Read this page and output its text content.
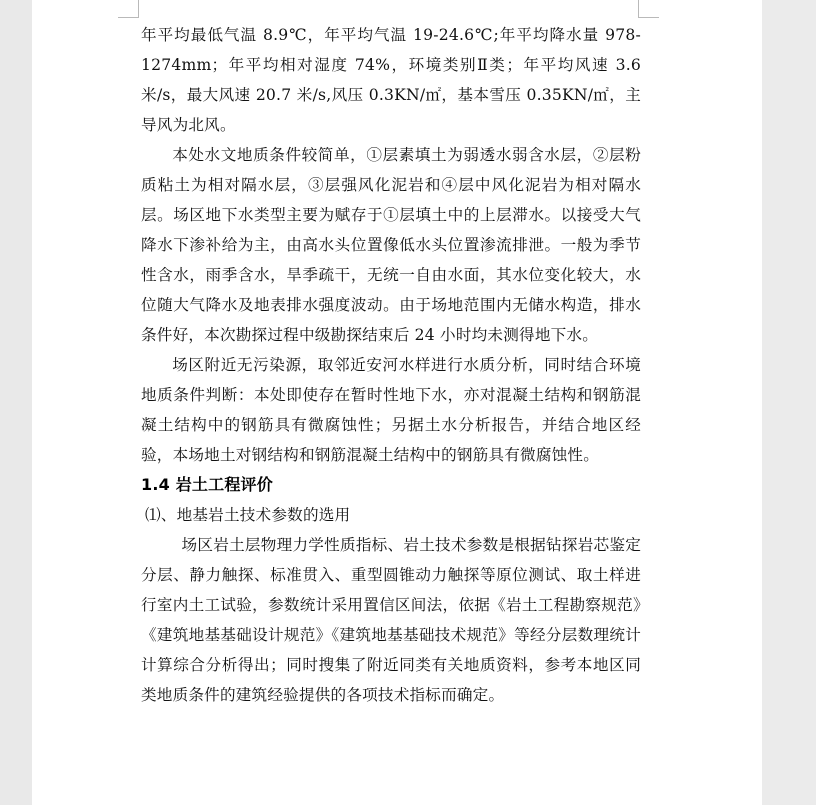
年平均最低气温 8.9℃，年平均气温 19-24.6℃;年平均降水量 978-1274mm；年平均相对湿度 74%，环境类别Ⅱ类；年平均风速 3.6 米/s，最大风速 20.7 米/s,风压 0.3KN/㎡，基本雪压 0.35KN/㎡，主导风为北风。

本处水文地质条件较简单，①层素填土为弱透水弱含水层，②层粉质粘土为相对隔水层，③层强风化泥岩和④层中风化泥岩为相对隔水层。场区地下水类型主要为赋存于①层填土中的上层滞水。以接受大气降水下渗补给为主，由高水头位置像低水头位置渗流排泄。一般为季节性含水，雨季含水，旱季疏干，无统一自由水面，其水位变化较大，水位随大气降水及地表排水强度波动。由于场地范围内无储水构造，排水条件好，本次勘探过程中级勘探结束后 24 小时均未测得地下水。

场区附近无污染源，取邻近安河水样进行水质分析，同时结合环境地质条件判断：本处即使存在暂时性地下水，亦对混凝土结构和钢筋混凝土结构中的钢筋具有微腐蚀性；另据土水分析报告，并结合地区经验，本场地土对钢结构和钢筋混凝土结构中的钢筋具有微腐蚀性。

1.4 岩土工程评价

⑴、地基岩土技术参数的选用

场区岩土层物理力学性质指标、岩土技术参数是根据钻探岩芯鉴定分层、静力触探、标准贯入、重型圆锥动力触探等原位测试、取土样进行室内土工试验，参数统计采用置信区间法，依据《岩土工程勘察规范》《建筑地基基础设计规范》《建筑地基基础技术规范》等经分层数理统计计算综合分析得出；同时搜集了附近同类有关地质资料，参考本地区同类地质条件的建筑经验提供的各项技术指标而确定。
